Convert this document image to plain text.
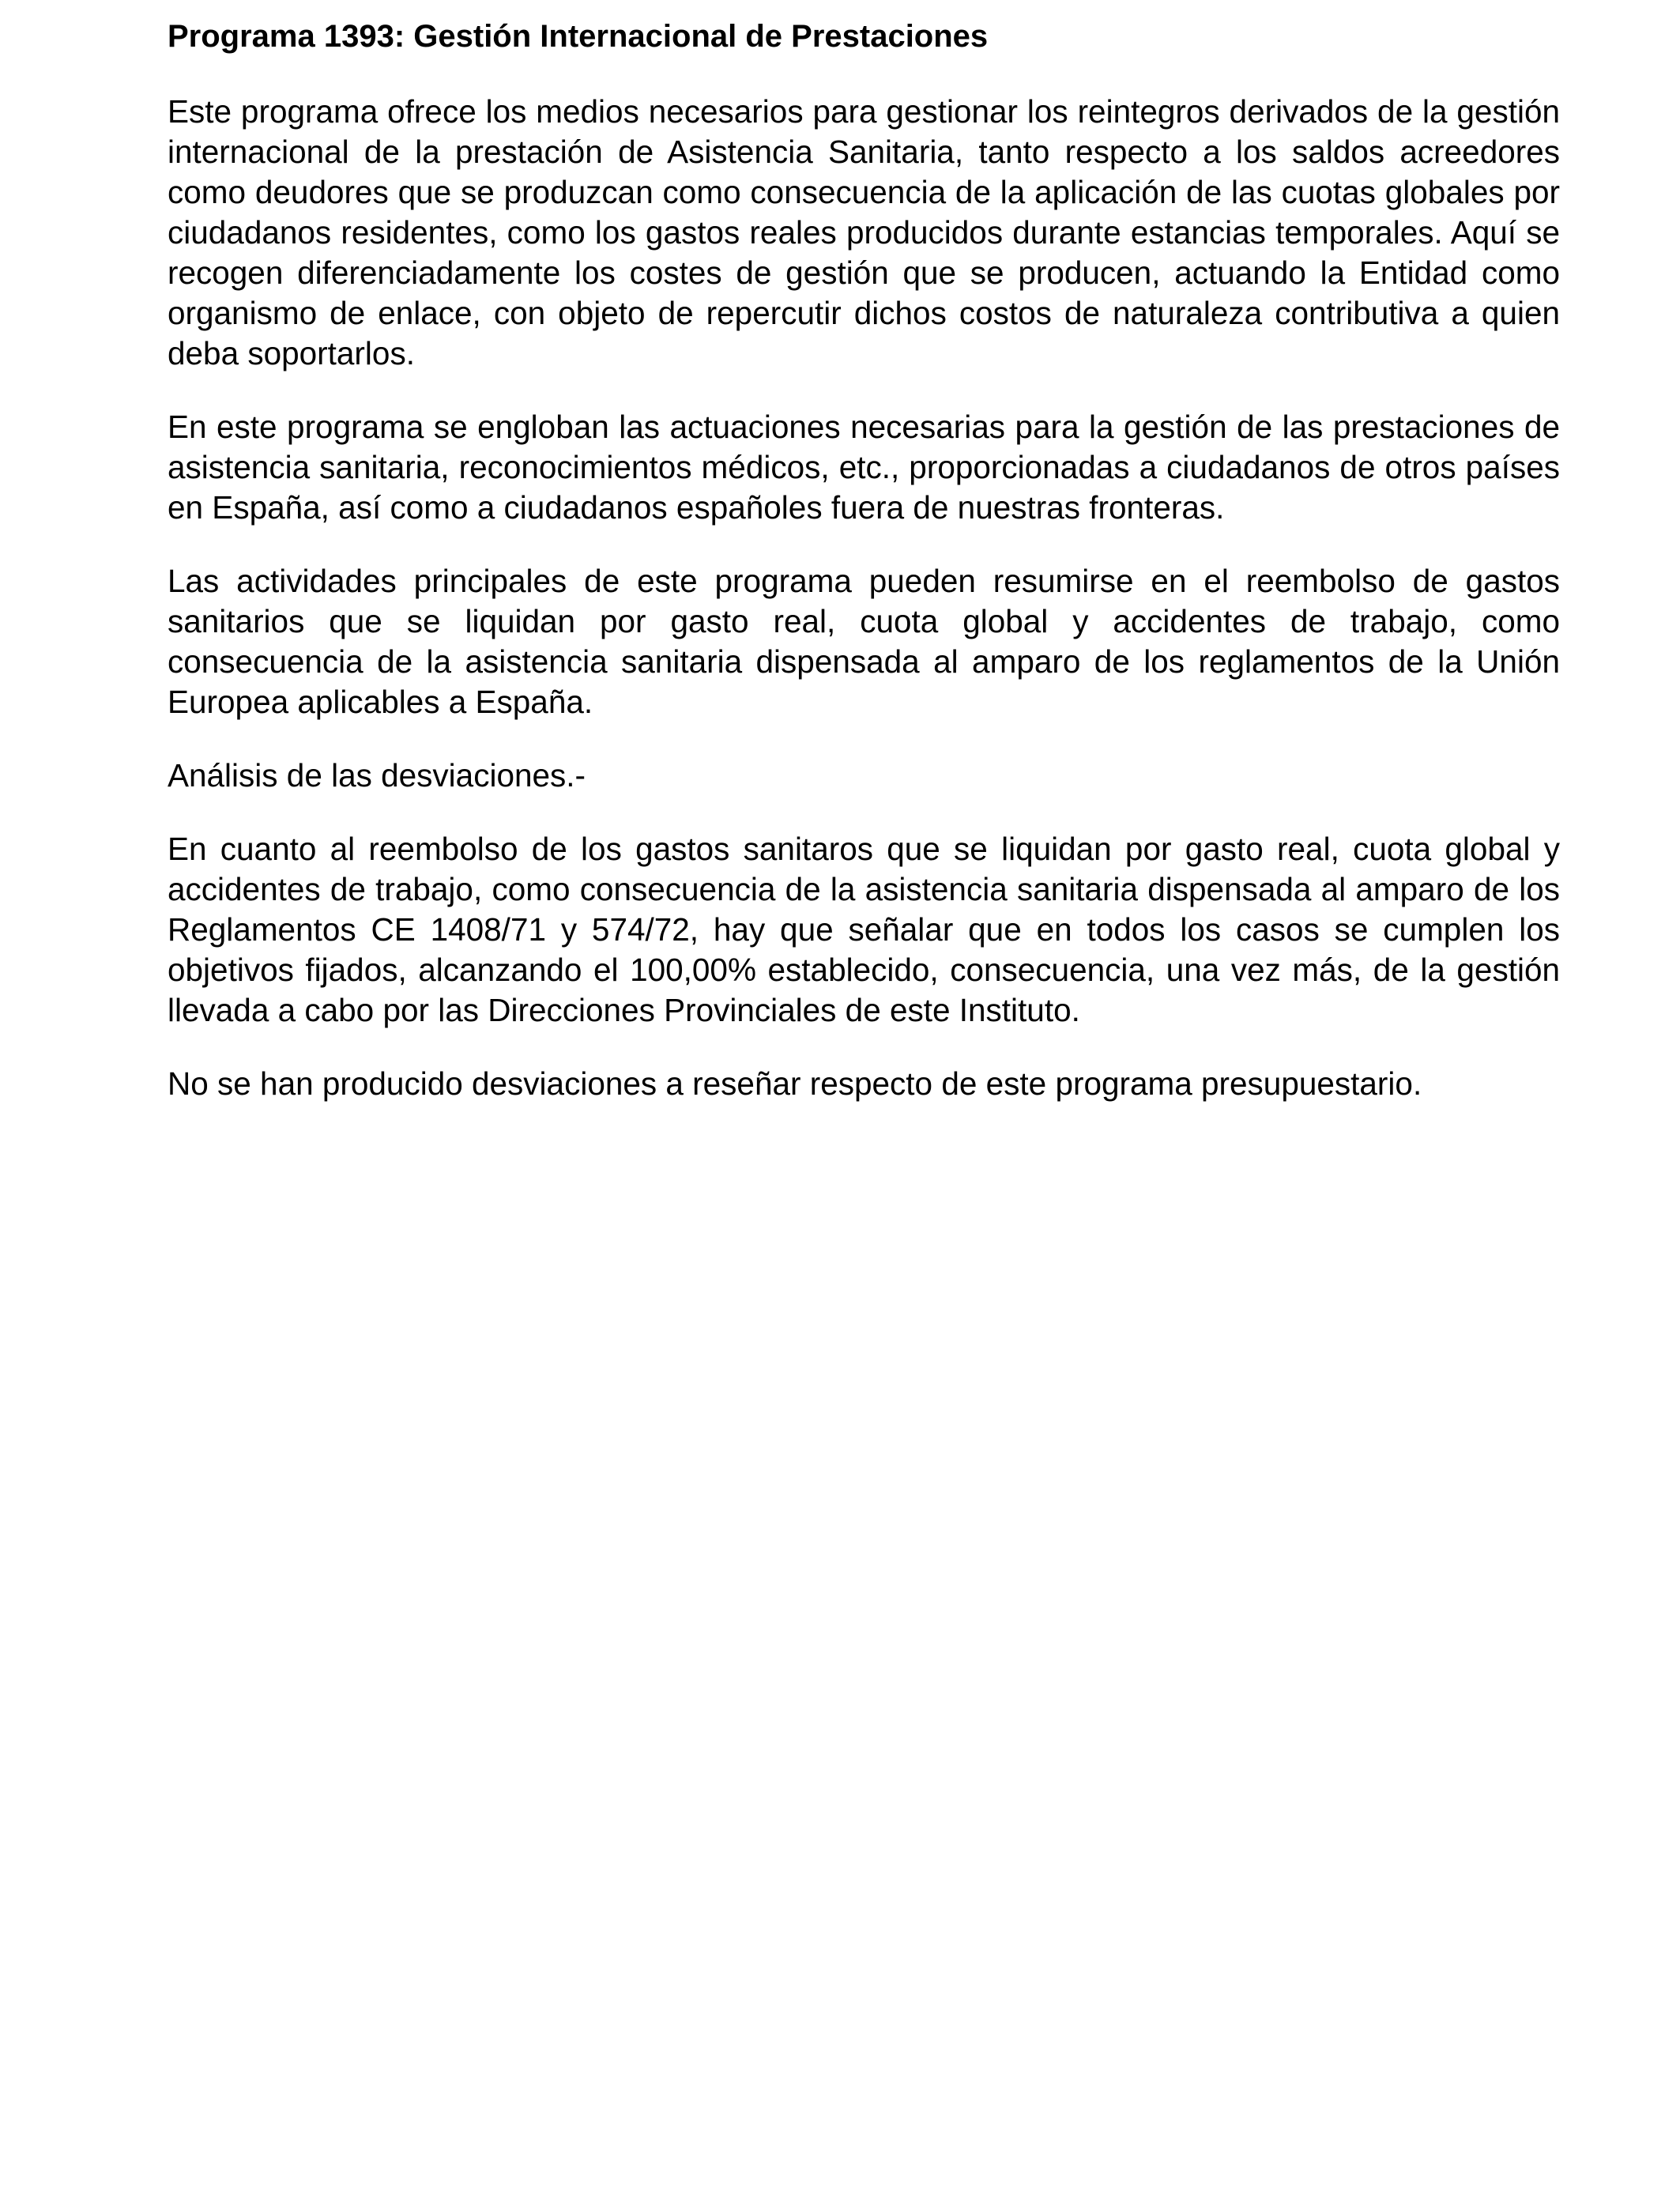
Programa 1393: Gestión Internacional de Prestaciones

Este programa ofrece los medios necesarios para gestionar los reintegros derivados de la gestión internacional de la prestación de Asistencia Sanitaria, tanto respecto a los saldos acreedores como deudores que se produzcan como consecuencia de la aplicación de las cuotas globales por ciudadanos residentes, como los gastos reales producidos durante estancias temporales. Aquí se recogen diferenciadamente los costes de gestión que se producen, actuando la Entidad como organismo de enlace, con objeto de repercutir dichos costos de naturaleza contributiva a quien deba soportarlos.

En este programa se engloban las actuaciones necesarias para la gestión de las prestaciones de asistencia sanitaria, reconocimientos médicos, etc., proporcionadas a ciudadanos de otros países en España, así como a ciudadanos españoles fuera de nuestras fronteras.

Las actividades principales de este programa pueden resumirse en el reembolso de gastos sanitarios que se liquidan por gasto real, cuota global y accidentes de trabajo, como consecuencia de la asistencia sanitaria dispensada al amparo de los reglamentos de la Unión Europea aplicables a España.

Análisis de las desviaciones.-

En cuanto al reembolso de los gastos sanitaros que se liquidan por gasto real, cuota global y accidentes de trabajo, como consecuencia de la asistencia sanitaria dispensada al amparo de los Reglamentos CE 1408/71 y 574/72, hay que señalar que en todos los casos se cumplen los objetivos fijados, alcanzando el 100,00% establecido, consecuencia, una vez más, de la gestión llevada a cabo por las Direcciones Provinciales de este Instituto.

No se han producido desviaciones a reseñar respecto de este programa presupuestario.
